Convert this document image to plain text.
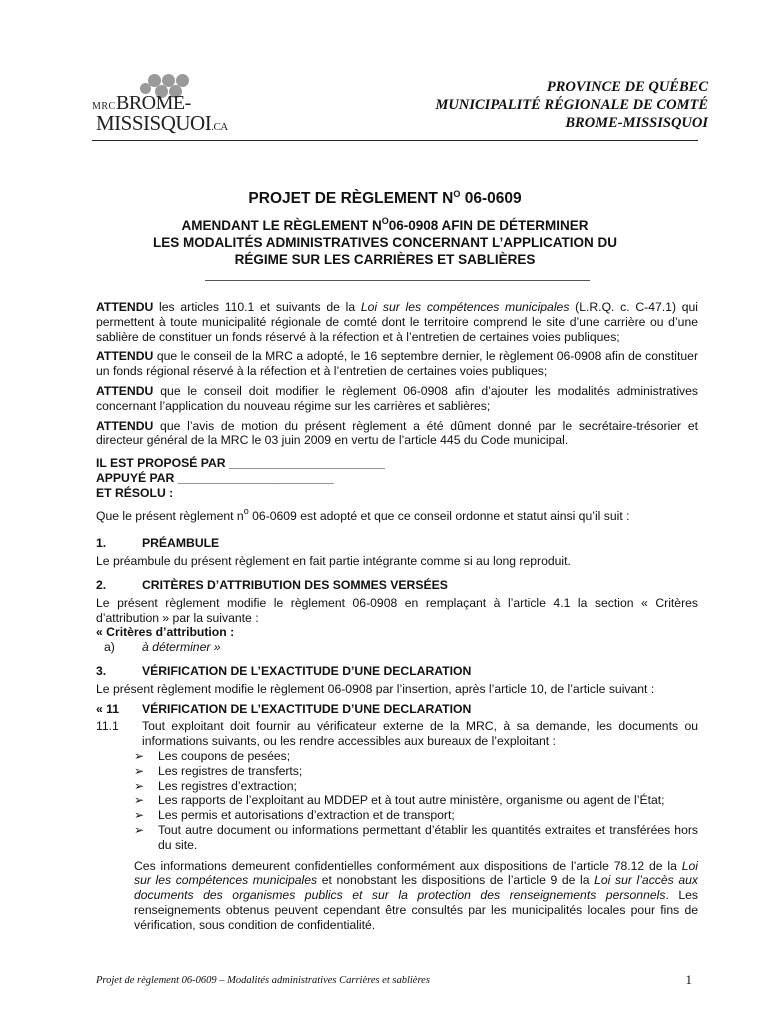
MRC BROME-
MISSISQUOI.CA
PROVINCE DE QUÉBEC
MUNICIPALITÉ RÉGIONALE DE COMTÉ
BROME-MISSISQUOI
PROJET DE RÈGLEMENT $N^O$ 06-0609
AMENDANT LE RÈGLEMENT $N^O06-0908$ AFIN DE DÉTERMINER
LES MODALITÉS ADMINISTRATIVES CONCERNANT L’APPLICATION DU
RÉGIME SUR LES CARRIÈRES ET SABLIÈRES

ATTENDU les articles 110.1 et suivants de la Loi sur les compétences municipales (L.R.Q. c. C-47.1) qui permettent à toute municipalité régionale de comté dont le territoire comprend le site d’une carrière ou d’une sablière de constituer un fonds réservé à la réfection et à l’entretien de certaines voies publiques;

ATTENDU que le conseil de la MRC a adopté, le 16 septembre dernier, le règlement 06-0908 afin de constituer un fonds régional réservé à la réfection et à l’entretien de certaines voies publiques;

ATTENDU que le conseil doit modifier le règlement 06-0908 afin d’ajouter les modalités administratives concernant l’application du nouveau régime sur les carrières et sablières;

ATTENDU que l’avis de motion du présent règlement a été dûment donné par le secrétaire-trésorier et directeur général de la MRC le 03 juin 2009 en vertu de l’article 445 du Code municipal.

IL EST PROPOSÉ PAR _______________________
APPUYÉ PAR _______________________
ET RÉSOLU :

Que le présent règlement $n^o$ 06-0609 est adopté et que ce conseil ordonne et statut ainsi qu’il suit :

1.	PRÉAMBULE

Le préambule du présent règlement en fait partie intégrante comme si au long reproduit.

2.	CRITÈRES D’ATTRIBUTION DES SOMMES VERSÉES

Le présent règlement modifie le règlement 06-0908 en remplaçant à l’article 4.1 la section « Critères d’attribution » par la suivante :

« Critères d’attribution :
a)	à déterminer »
3.	VÉRIFICATION DE L’EXACTITUDE D’UNE DECLARATION

Le présent règlement modifie le règlement 06-0908 par l’insertion, après l’article 10, de l’article suivant :

« 11	VÉRIFICATION DE L’EXACTITUDE D’UNE DECLARATION
11.1	Tout exploitant doit fournir au vérificateur externe de la MRC, à sa demande, les documents ou informations suivants, ou les rendre accessibles aux bureaux de l’exploitant :
➢	Les coupons de pesées;
➢	Les registres de transferts;
➢	Les registres d’extraction;
➢	Les rapports de l’exploitant au MDDEP et à tout autre ministère, organisme ou agent de l’État;
➢	Les permis et autorisations d’extraction et de transport;
➢	Tout autre document ou informations permettant d’établir les quantités extraites et transférées hors du site.

Ces informations demeurent confidentielles conformément aux dispositions de l’article 78.12 de la Loi sur les compétences municipales et nonobstant les dispositions de l’article 9 de la Loi sur l’accès aux documents des organismes publics et sur la protection des renseignements personnels. Les renseignements obtenus peuvent cependant être consultés par les municipalités locales pour fins de vérification, sous condition de confidentialité.

Projet de règlement 06-0609 – Modalités administratives Carrières et sablières	1
